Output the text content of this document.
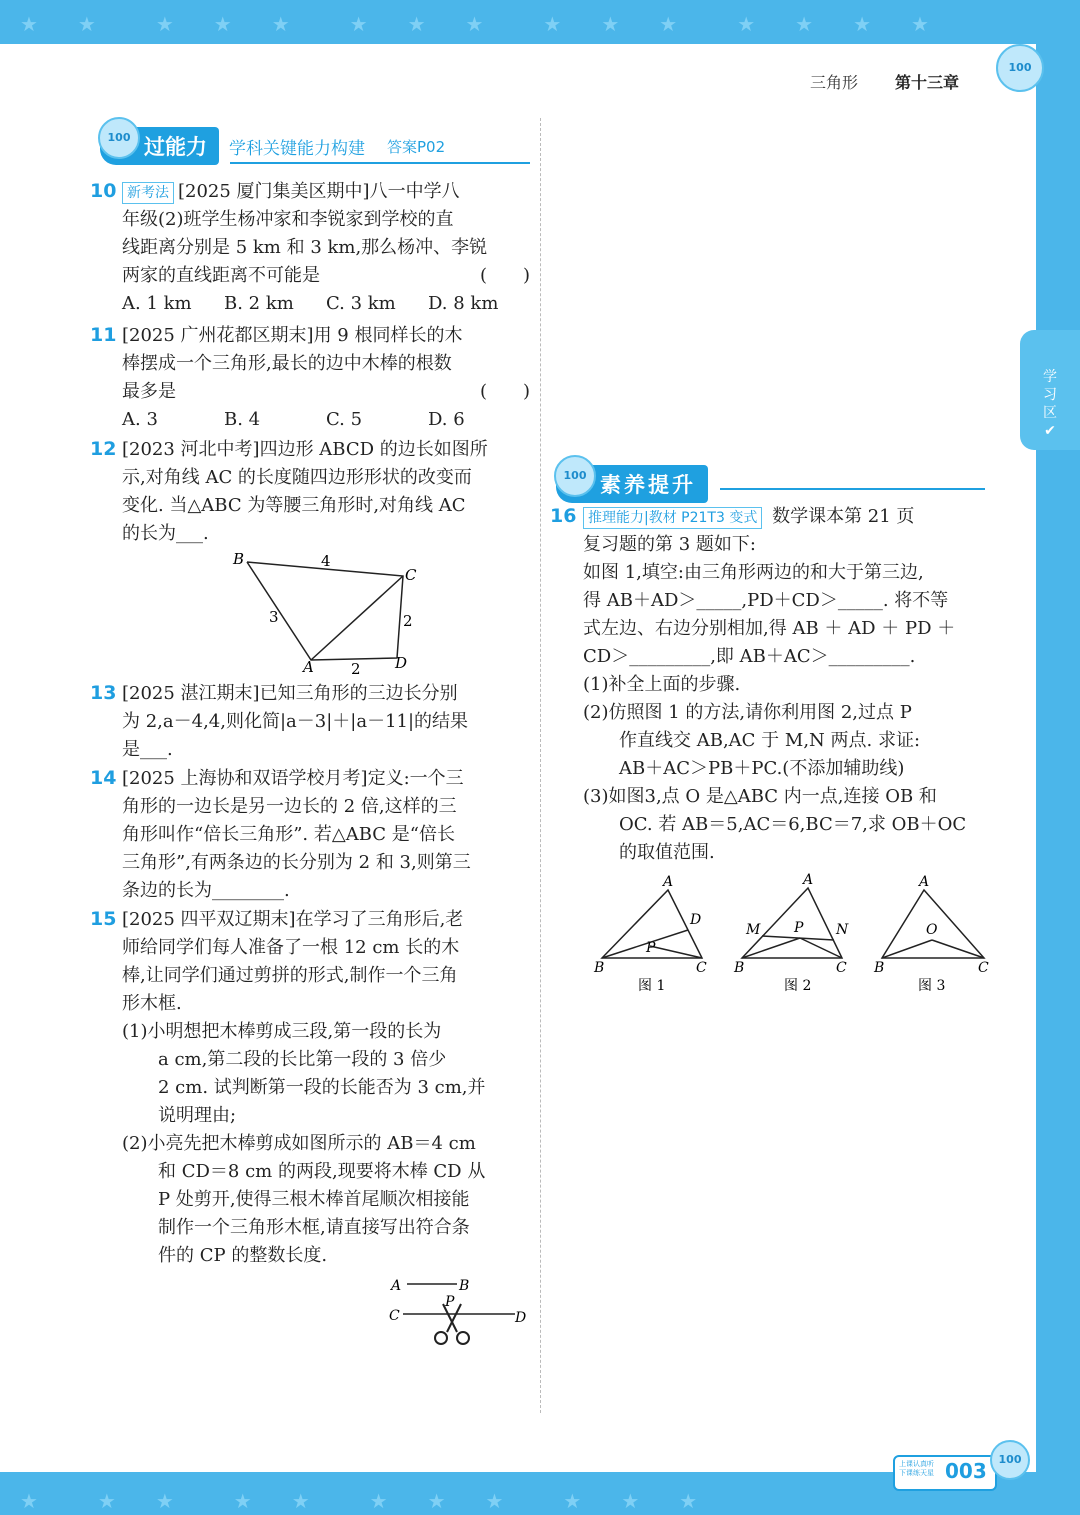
★　　★　　　★　　★　　★　　　★　　★　　★　　　★　　★　　★　　　★　　★　　★　　★
★　　　★　　★　　　★　　★　　　★　　★　　★　　　★　　★　　★
三角形 第十三章
100
学习区
✔
100 过能力	学科关键能力构建 答案P02
10 新考法 [2025 厦门集美区期中]八一中学八
年级(2)班学生杨冲家和李锐家到学校的直
线距离分别是 5 km 和 3 km,那么杨冲、李锐
两家的直线距离不可能是	(　　)
A. 1 km	B. 2 km	C. 3 km	D. 8 km
11 [2025 广州花都区期末]用 9 根同样长的木
棒摆成一个三角形,最长的边中木棒的根数
最多是	(　　)
A. 3	B. 4	C. 5	D. 6
12 [2023 河北中考]四边形 ABCD 的边长如图所
示,对角线 AC 的长度随四边形形状的改变而
变化. 当△ABC 为等腰三角形时,对角线 AC
的长为___.
B
C
A	D
4
3	2
2
13 [2025 湛江期末]已知三角形的三边长分别
为 2,a－4,4,则化简|a－3|＋|a－11|的结果
是___.
14 [2025 上海协和双语学校月考]定义:一个三
角形的一边长是另一边长的 2 倍,这样的三
角形叫作“倍长三角形”. 若△ABC 是“倍长
三角形”,有两条边的长分别为 2 和 3,则第三
条边的长为________.
15 [2025 四平双辽期末]在学习了三角形后,老
师给同学们每人准备了一根 12 cm 长的木
棒,让同学们通过剪拼的形式,制作一个三角
形木框.
(1)小明想把木棒剪成三段,第一段的长为
a cm,第二段的长比第一段的 3 倍少
2 cm. 试判断第一段的长能否为 3 cm,并
说明理由;
(2)小亮先把木棒剪成如图所示的 AB＝4 cm
和 CD＝8 cm 的两段,现要将木棒 CD 从
P 处剪开,使得三根木棒首尾顺次相接能
制作一个三角形木框,请直接写出符合条
件的 CP 的整数长度.
A	B
C	D
P
100 素养提升
16 推理能力|教材 P21T3 变式 数学课本第 21 页
复习题的第 3 题如下:
如图 1,填空:由三角形两边的和大于第三边,
得 AB＋AD＞_____,PD＋CD＞_____. 将不等
式左边、右边分别相加,得 AB ＋ AD ＋ PD ＋
CD＞_________,即 AB＋AC＞_________.
(1)补全上面的步骤.
(2)仿照图 1 的方法,请你利用图 2,过点 P
作直线交 AB,AC 于 M,N 两点. 求证:
AB＋AC＞PB＋PC.(不添加辅助线)
(3)如图3,点 O 是△ABC 内一点,连接 OB 和
OC. 若 AB＝5,AC＝6,BC＝7,求 OB＋OC
的取值范围.
A
B	C
D
P
图 1
A
B	C
M	N
P
图 2
A
B	C
O
图 3
上课认真听
下课练天星 003	100
